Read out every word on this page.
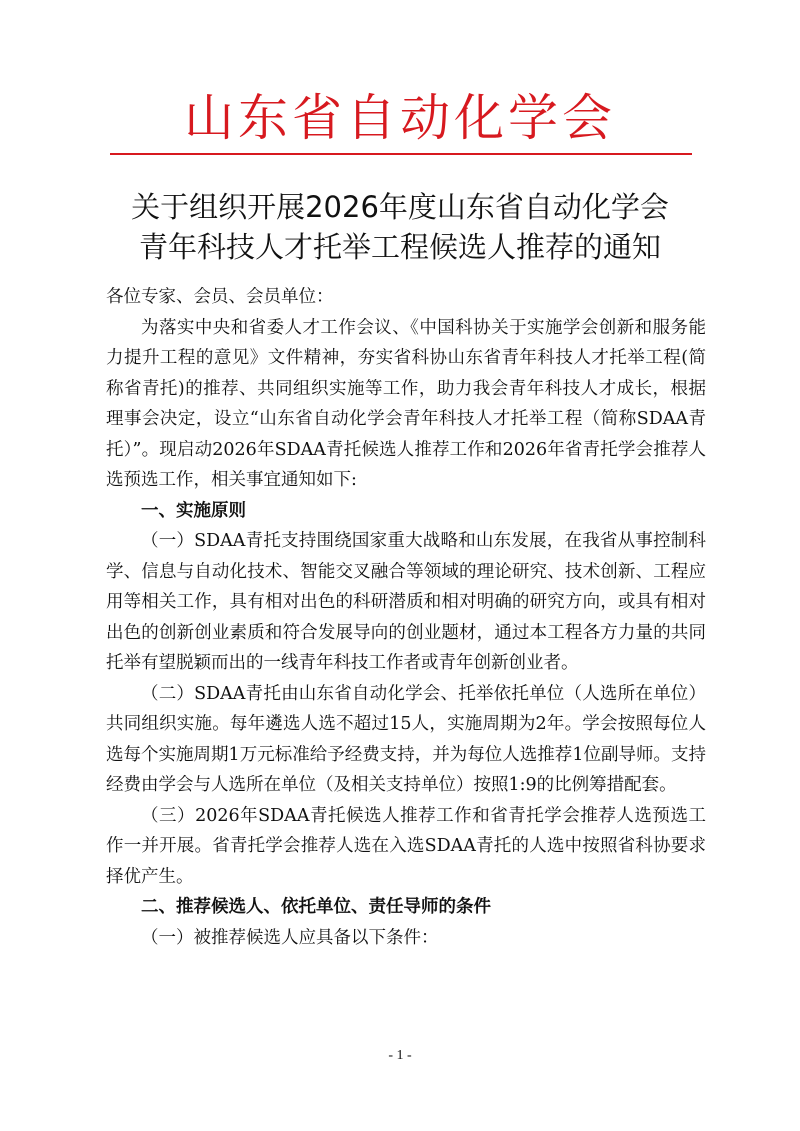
山东省自动化学会
关于组织开展2026年度山东省自动化学会
青年科技人才托举工程候选人推荐的通知

各位专家、会员、会员单位：

为落实中央和省委人才工作会议、《中国科协关于实施学会创新和服务能力提升工程的意见》文件精神，夯实省科协山东省青年科技人才托举工程(简称省青托)的推荐、共同组织实施等工作，助力我会青年科技人才成长，根据理事会决定，设立“山东省自动化学会青年科技人才托举工程（简称SDAA青托）”。现启动2026年SDAA青托候选人推荐工作和2026年省青托学会推荐人选预选工作，相关事宜通知如下:

一、实施原则

（一）SDAA青托支持围绕国家重大战略和山东发展，在我省从事控制科学、信息与自动化技术、智能交叉融合等领域的理论研究、技术创新、工程应用等相关工作，具有相对出色的科研潜质和相对明确的研究方向，或具有相对出色的创新创业素质和符合发展导向的创业题材，通过本工程各方力量的共同托举有望脱颖而出的一线青年科技工作者或青年创新创业者。

（二）SDAA青托由山东省自动化学会、托举依托单位（人选所在单位）共同组织实施。每年遴选人选不超过15人，实施周期为2年。学会按照每位人选每个实施周期1万元标准给予经费支持，并为每位人选推荐1位副导师。支持经费由学会与人选所在单位（及相关支持单位）按照1:9的比例筹措配套。

（三）2026年SDAA青托候选人推荐工作和省青托学会推荐人选预选工作一并开展。省青托学会推荐人选在入选SDAA青托的人选中按照省科协要求择优产生。

二、推荐候选人、依托单位、责任导师的条件

（一）被推荐候选人应具备以下条件：

- 1 -
